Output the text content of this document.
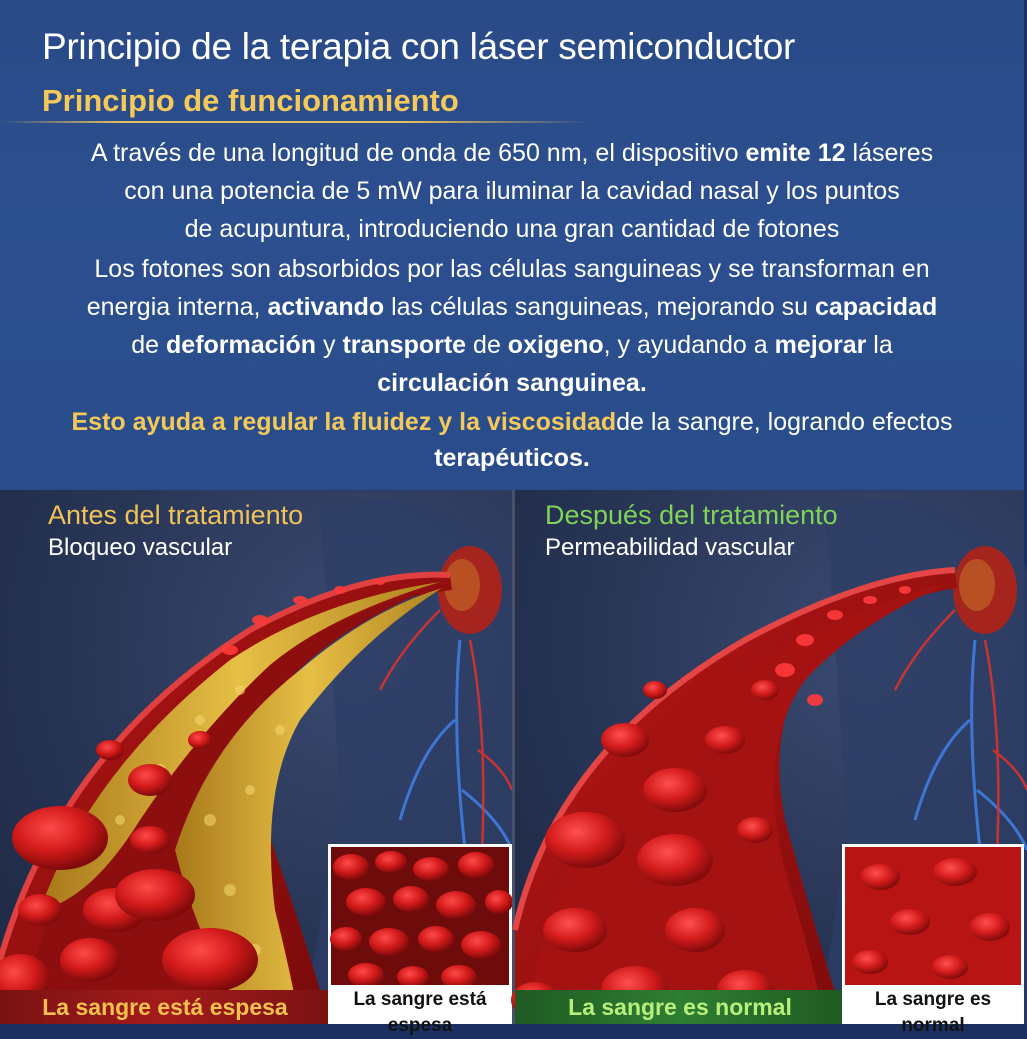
Principio de la terapia con láser semiconductor
Principio de funcionamiento
A través de una longitud de onda de 650 nm, el dispositivo emite 12 láseres
con una potencia de 5 mW para iluminar la cavidad nasal y los puntos
de acupuntura, introduciendo una gran cantidad de fotones
Los fotones son absorbidos por las células sanguineas y se transforman en
energia interna, activando las células sanguineas, mejorando su capacidad
de deformación y transporte de oxigeno, y ayudando a mejorar la
circulación sanguinea.
Esto ayuda a regular la fluidez y la viscosidadde la sangre, logrando efectos
terapéuticos.
Antes del tratamiento
Bloqueo vascular
La sangre está espesa	La sangre está espesa
Después del tratamiento
Permeabilidad vascular
La sangre es normal	La sangre es normal
